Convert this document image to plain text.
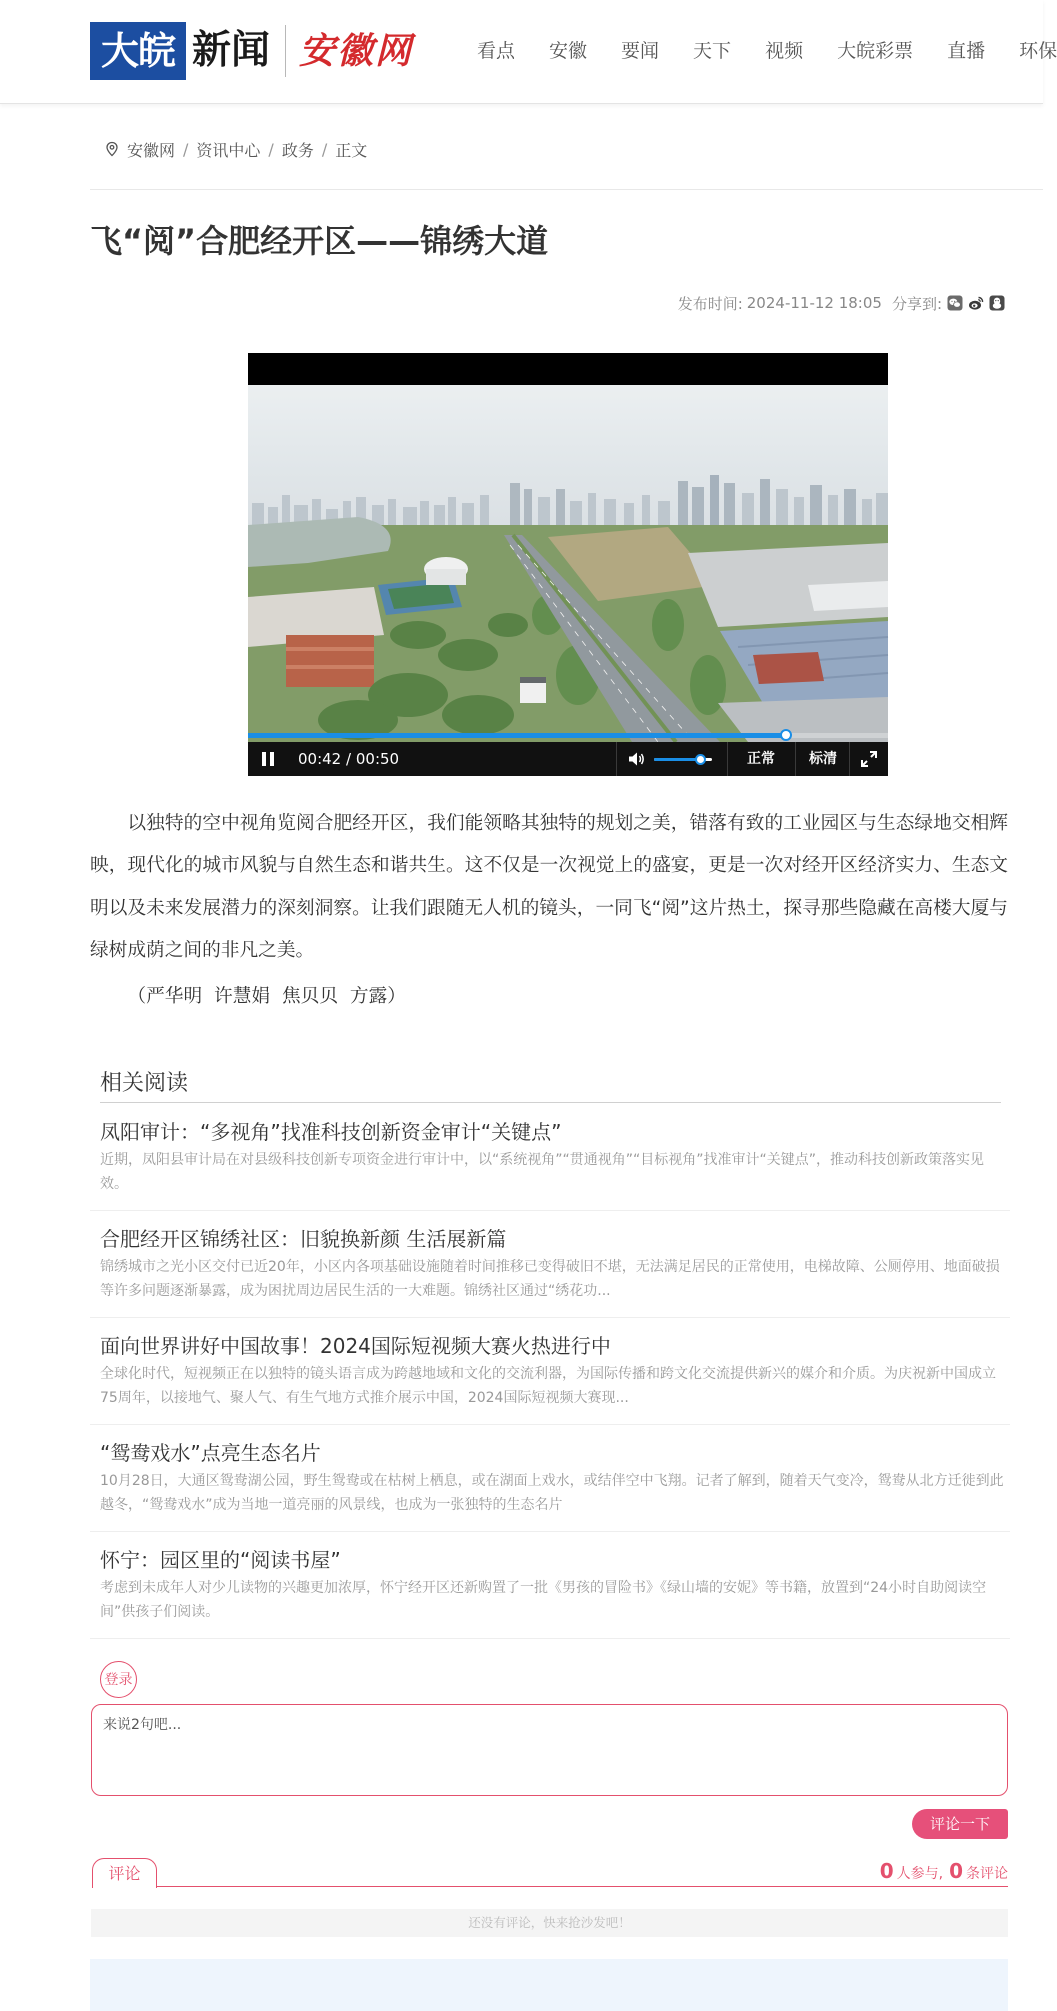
大皖 新闻 安徽网	看点 安徽 要闻 天下 视频 大皖彩票 直播 环保
安徽网 / 资讯中心 / 政务 / 正文
飞“阅”合肥经开区——锦绣大道
发布时间: 2024-11-12 18:05 分享到:
00:42 / 00:50	正常	标清

以独特的空中视角览阅合肥经开区，我们能领略其独特的规划之美，错落有致的工业园区与生态绿地交相辉映，现代化的城市风貌与自然生态和谐共生。这不仅是一次视觉上的盛宴，更是一次对经开区经济实力、生态文明以及未来发展潜力的深刻洞察。让我们跟随无人机的镜头，一同飞“阅”这片热土，探寻那些隐藏在高楼大厦与绿树成荫之间的非凡之美。

（严华明  许慧娟  焦贝贝  方露）

相关阅读
凤阳审计：“多视角”找准科技创新资金审计“关键点”

近期，凤阳县审计局在对县级科技创新专项资金进行审计中，以“系统视角”“贯通视角”“目标视角”找准审计“关键点”，推动科技创新政策落实见效。

合肥经开区锦绣社区：旧貌换新颜 生活展新篇

锦绣城市之光小区交付已近20年，小区内各项基础设施随着时间推移已变得破旧不堪，无法满足居民的正常使用，电梯故障、公厕停用、地面破损等许多问题逐渐暴露，成为困扰周边居民生活的一大难题。锦绣社区通过“绣花功...

面向世界讲好中国故事！2024国际短视频大赛火热进行中

全球化时代，短视频正在以独特的镜头语言成为跨越地域和文化的交流利器，为国际传播和跨文化交流提供新兴的媒介和介质。为庆祝新中国成立75周年，以接地气、聚人气、有生气地方式推介展示中国，2024国际短视频大赛现...

“鸳鸯戏水”点亮生态名片

10月28日，大通区鸳鸯湖公园，野生鸳鸯或在枯树上栖息，或在湖面上戏水，或结伴空中飞翔。记者了解到，随着天气变冷，鸳鸯从北方迁徙到此越冬，“鸳鸯戏水”成为当地一道亮丽的风景线，也成为一张独特的生态名片

怀宁：园区里的“阅读书屋”

考虑到未成年人对少儿读物的兴趣更加浓厚，怀宁经开区还新购置了一批《男孩的冒险书》《绿山墙的安妮》等书籍，放置到“24小时自助阅读空间”供孩子们阅读。

登录
来说2句吧...
评论一下
评论	0 人参与, 0 条评论
还没有评论，快来抢沙发吧！
